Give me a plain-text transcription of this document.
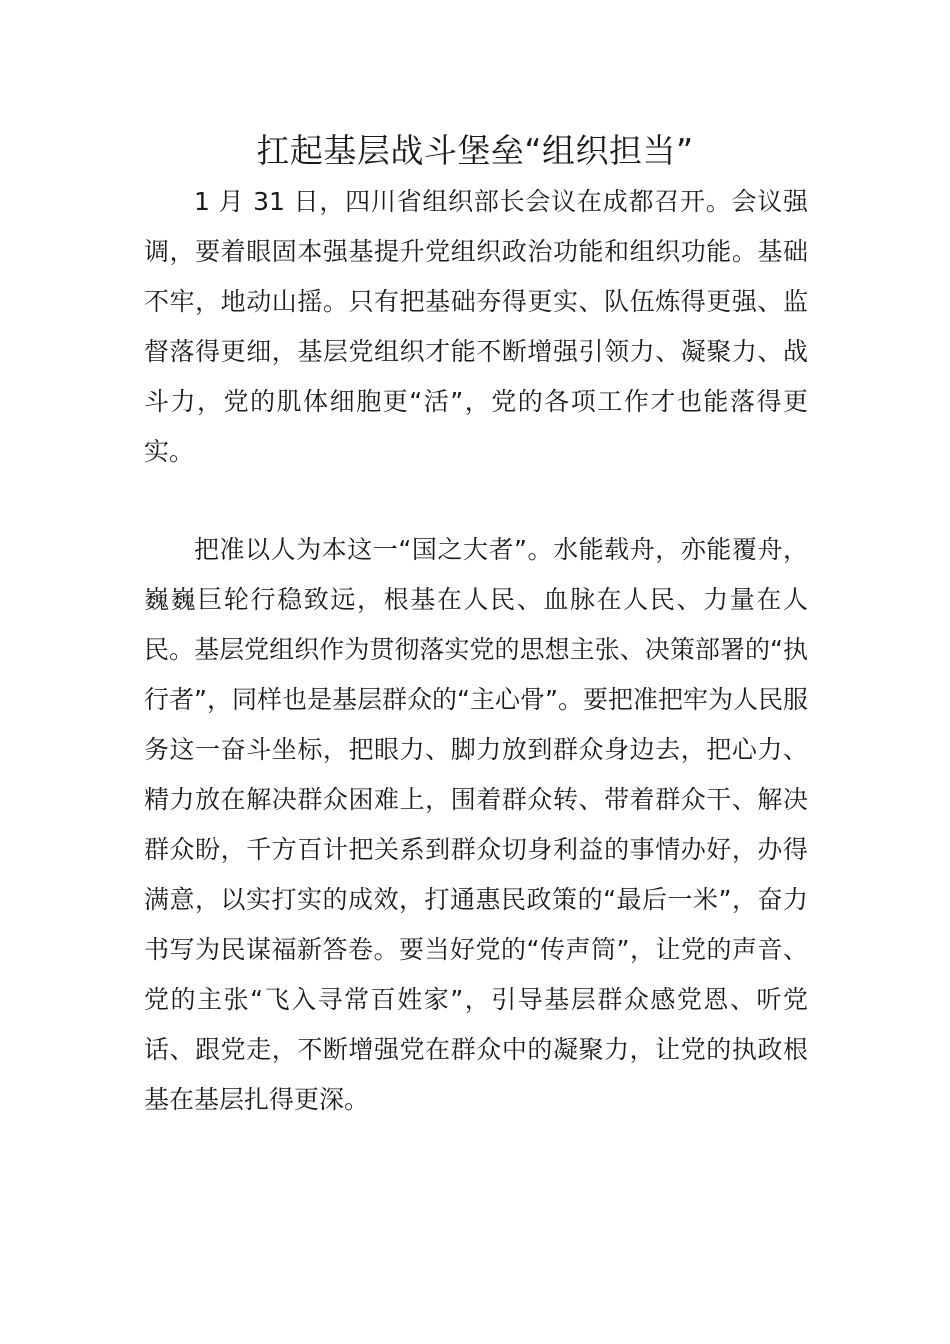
扛起基层战斗堡垒“组织担当”

1 月 31 日，四川省组织部长会议在成都召开。会议强调，要着眼固本强基提升党组织政治功能和组织功能。基础不牢，地动山摇。只有把基础夯得更实、队伍炼得更强、监督落得更细，基层党组织才能不断增强引领力、凝聚力、战斗力，党的肌体细胞更“活”，党的各项工作才也能落得更实。

把准以人为本这一“国之大者”。水能载舟，亦能覆舟，巍巍巨轮行稳致远，根基在人民、血脉在人民、力量在人民。基层党组织作为贯彻落实党的思想主张、决策部署的“执行者”，同样也是基层群众的“主心骨”。要把准把牢为人民服务这一奋斗坐标，把眼力、脚力放到群众身边去，把心力、精力放在解决群众困难上，围着群众转、带着群众干、解决群众盼，千方百计把关系到群众切身利益的事情办好，办得满意，以实打实的成效，打通惠民政策的“最后一米”，奋力书写为民谋福新答卷。要当好党的“传声筒”，让党的声音、党的主张“飞入寻常百姓家”，引导基层群众感党恩、听党话、跟党走，不断增强党在群众中的凝聚力，让党的执政根基在基层扎得更深。
